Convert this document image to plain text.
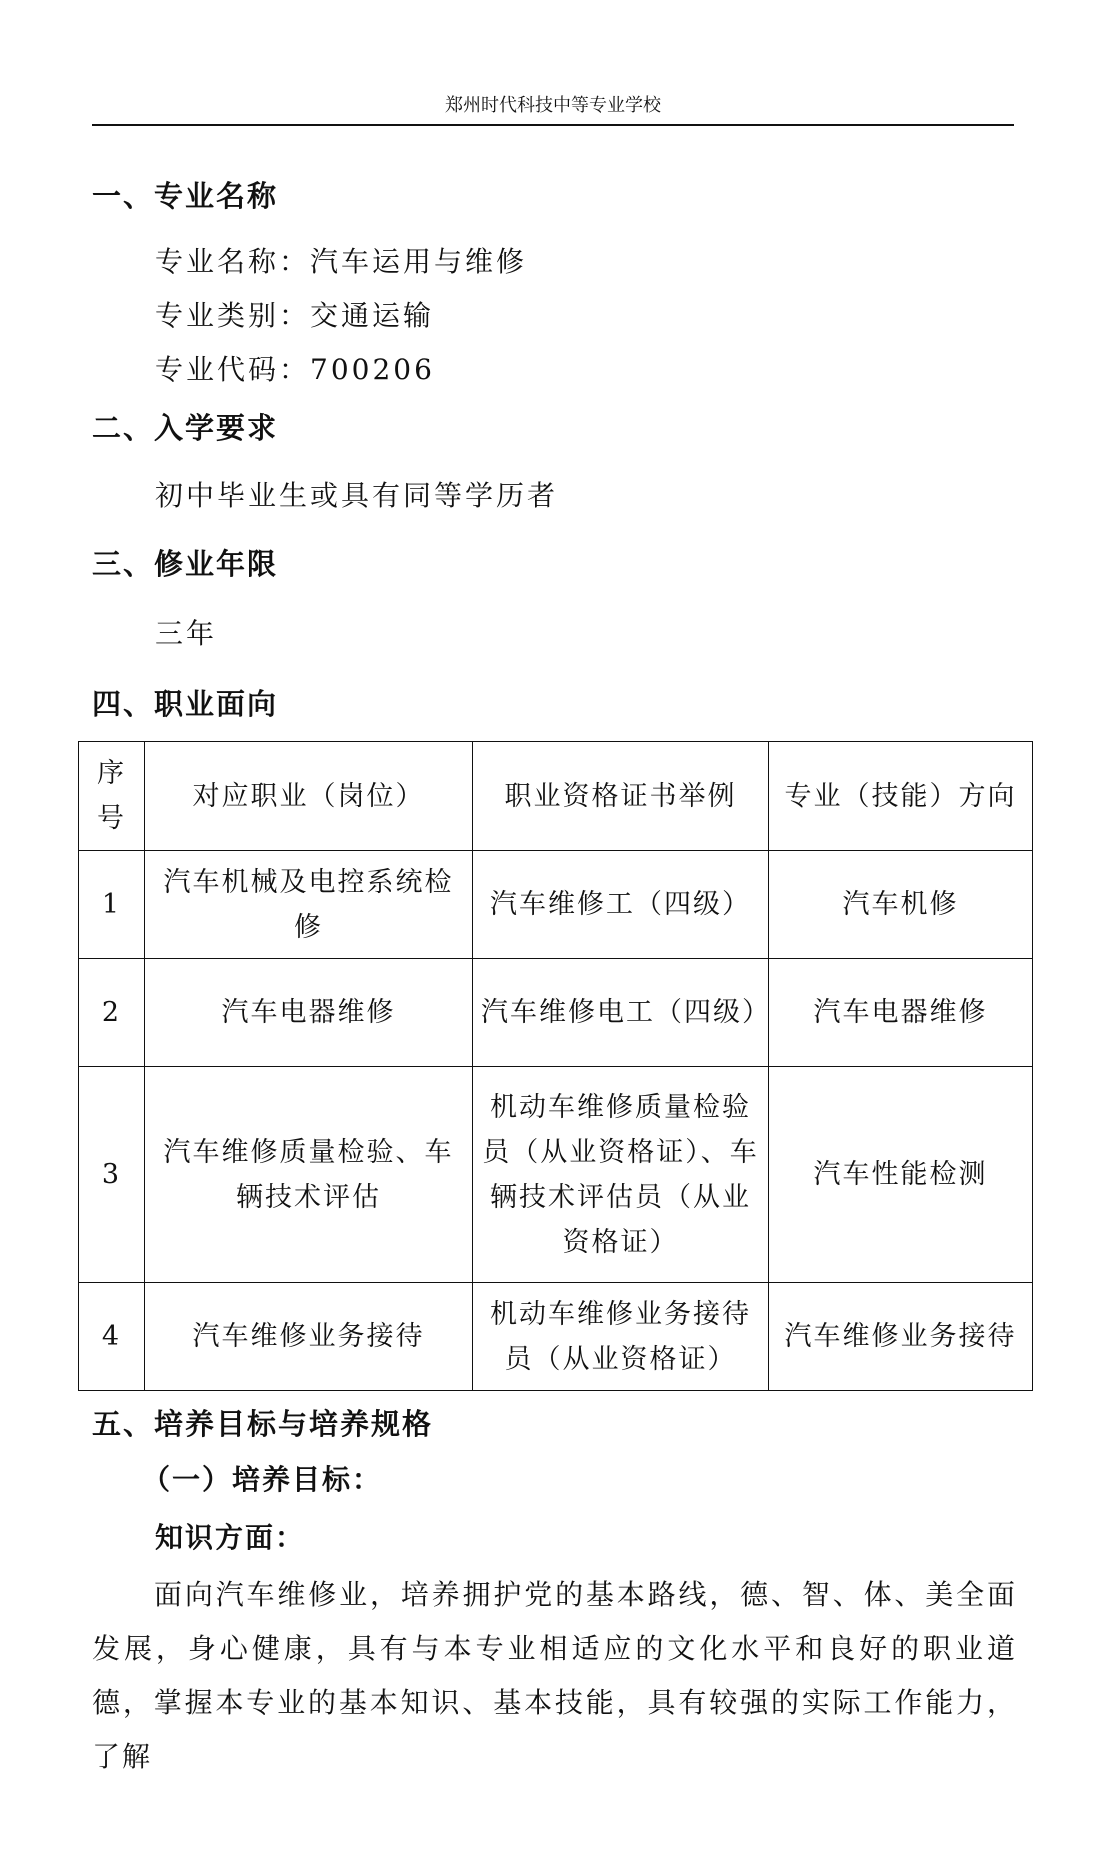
郑州时代科技中等专业学校
一、专业名称
专业名称：汽车运用与维修
专业类别：交通运输
专业代码：700206
二、入学要求
初中毕业生或具有同等学历者
三、修业年限
三年
四、职业面向
序号	对应职业（岗位）	职业资格证书举例	专业（技能）方向
1	汽车机械及电控系统检修	汽车维修工（四级）	汽车机修
2	汽车电器维修	汽车维修电工（四级）	汽车电器维修
3	汽车维修质量检验、车辆技术评估	机动车维修质量检验员（从业资格证）、车辆技术评估员（从业资格证）	汽车性能检测
4	汽车维修业务接待	机动车维修业务接待员（从业资格证）	汽车维修业务接待
五、培养目标与培养规格
（一）培养目标：
知识方面：

面向汽车维修业，培养拥护党的基本路线，德、智、体、美全面发展，身心健康，具有与本专业相适应的文化水平和良好的职业道德，掌握本专业的基本知识、基本技能，具有较强的实际工作能力，了解
